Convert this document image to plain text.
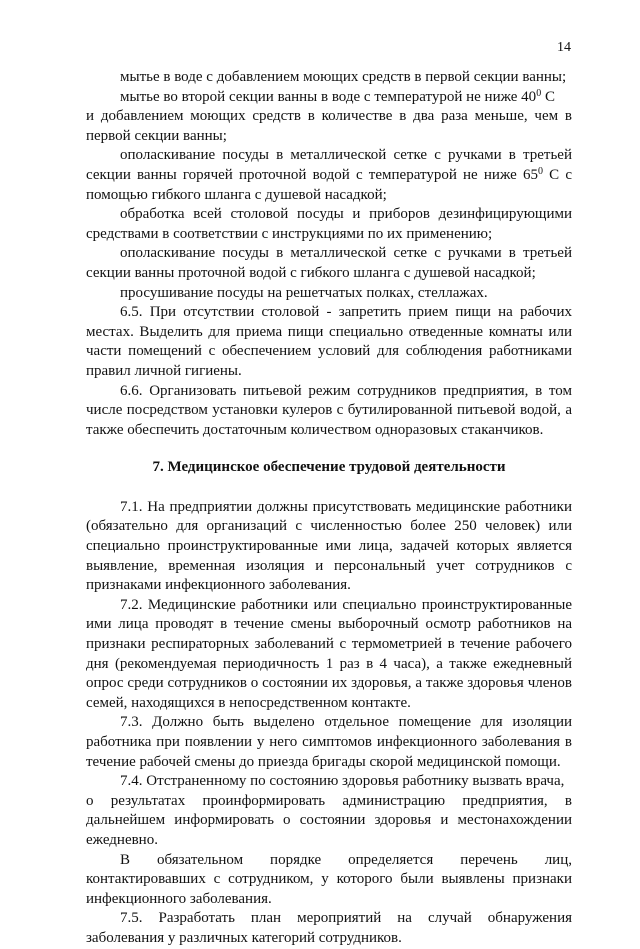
14

мытье в воде с добавлением моющих средств в первой секции ванны;

мытье во второй секции ванны в воде с температурой не ниже $40^0$ С

и добавлением моющих средств в количестве в два раза меньше, чем в первой секции ванны;

ополаскивание посуды в металлической сетке с ручками в третьей секции ванны горячей проточной водой с температурой не ниже $65^0$ С с

помощью гибкого шланга с душевой насадкой;

обработка всей столовой посуды и приборов дезинфицирующими средствами в соответствии с инструкциями по их применению;

ополаскивание посуды в металлической сетке с ручками в третьей секции ванны проточной водой с гибкого шланга с душевой насадкой;

просушивание посуды на решетчатых полках, стеллажах.

6.5. При отсутствии столовой - запретить прием пищи на рабочих местах. Выделить для приема пищи специально отведенные комнаты или части помещений с обеспечением условий для соблюдения работниками правил личной гигиены.

6.6. Организовать питьевой режим сотрудников предприятия, в том числе посредством установки кулеров с бутилированной питьевой водой, а также обеспечить достаточным количеством одноразовых стаканчиков.

7. Медицинское обеспечение трудовой деятельности

7.1. На предприятии должны присутствовать медицинские работники (обязательно для организаций с численностью более 250 человек) или специально проинструктированные ими лица, задачей которых является выявление, временная изоляция и персональный учет сотрудников с признаками инфекционного заболевания.

7.2. Медицинские работники или специально проинструктированные ими лица проводят в течение смены выборочный осмотр работников на признаки респираторных заболеваний с термометрией в течение рабочего дня (рекомендуемая периодичность 1 раз в 4 часа), а также ежедневный опрос среди сотрудников о состоянии их здоровья, а также здоровья членов семей, находящихся в непосредственном контакте.

7.3. Должно быть выделено отдельное помещение для изоляции работника при появлении у него симптомов инфекционного заболевания в течение рабочей смены до приезда бригады скорой медицинской помощи.

7.4. Отстраненному по состоянию здоровья работнику вызвать врача,

о результатах проинформировать администрацию предприятия, в дальнейшем информировать о состоянии здоровья и местонахождении ежедневно.

В обязательном порядке определяется перечень лиц, контактировавших с сотрудником, у которого были выявлены признаки инфекционного заболевания.

7.5. Разработать план мероприятий на случай обнаружения заболевания у различных категорий сотрудников.
